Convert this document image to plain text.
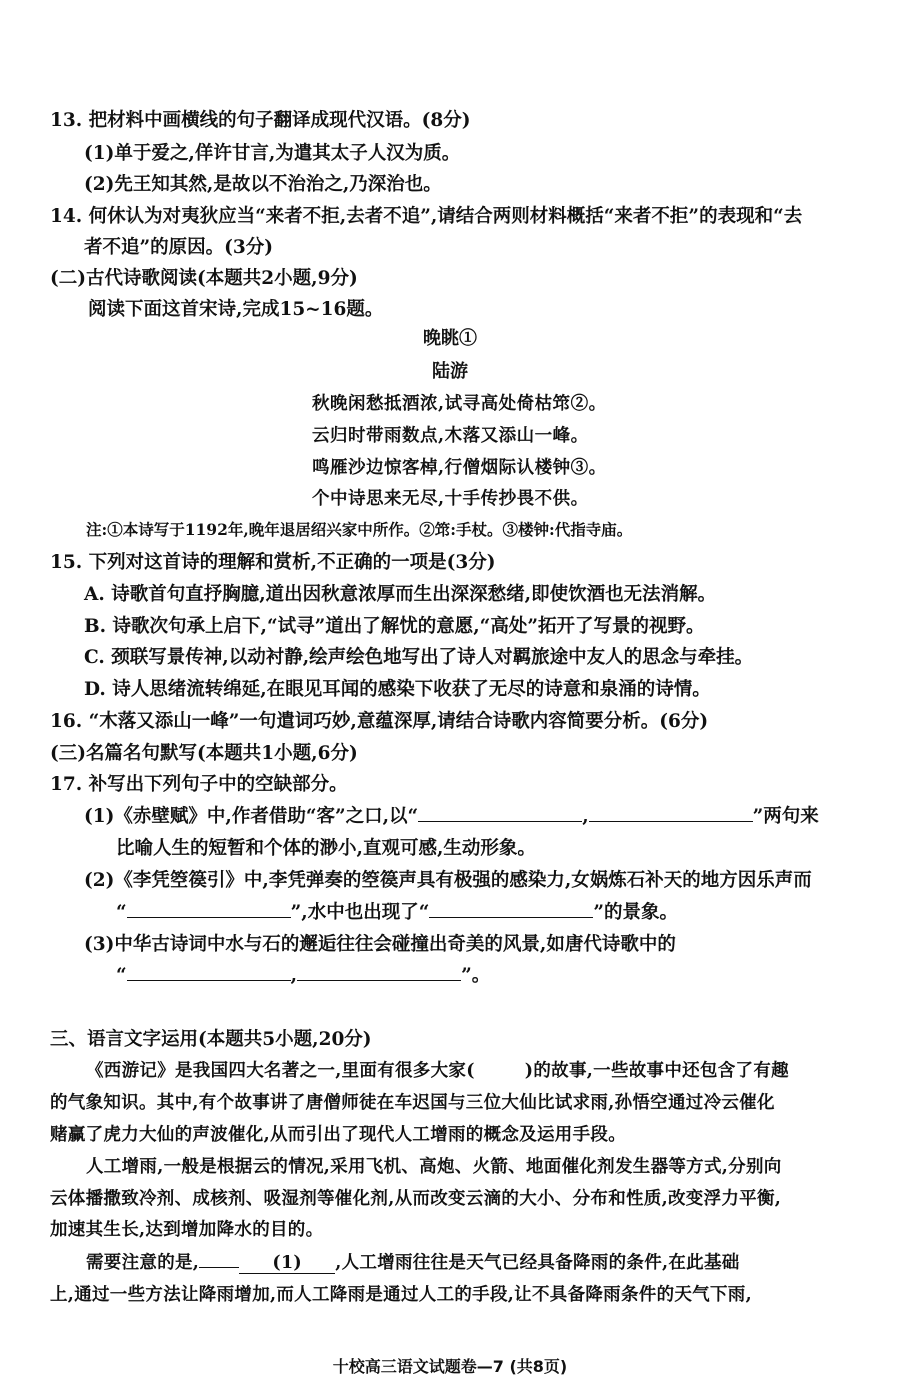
13. 把材料中画横线的句子翻译成现代汉语。(8分)
(1)单于爱之,佯许甘言,为遣其太子人汉为质。
(2)先王知其然,是故以不治治之,乃深治也。
14. 何休认为对夷狄应当“来者不拒,去者不追”,请结合两则材料概括“来者不拒”的表现和“去
者不追”的原因。(3分)
(二)古代诗歌阅读(本题共2小题,9分)
阅读下面这首宋诗,完成15~16题。
晚眺①
陆游
秋晚闲愁抵酒浓,试寻高处倚枯筇②。
云归时带雨数点,木落又添山一峰。
鸣雁沙边惊客棹,行僧烟际认楼钟③。
个中诗思来无尽,十手传抄畏不供。
注:①本诗写于1192年,晚年退居绍兴家中所作。②筇:手杖。③楼钟:代指寺庙。
15. 下列对这首诗的理解和赏析,不正确的一项是(3分)
A. 诗歌首句直抒胸臆,道出因秋意浓厚而生出深深愁绪,即使饮酒也无法消解。
B. 诗歌次句承上启下,“试寻”道出了解忧的意愿,“高处”拓开了写景的视野。
C. 颈联写景传神,以动衬静,绘声绘色地写出了诗人对羁旅途中友人的思念与牵挂。
D. 诗人思绪流转绵延,在眼见耳闻的感染下收获了无尽的诗意和泉涌的诗情。
16. “木落又添山一峰”一句遣词巧妙,意蕴深厚,请结合诗歌内容简要分析。(6分)
(三)名篇名句默写(本题共1小题,6分)
17. 补写出下列句子中的空缺部分。
(1)《赤壁赋》中,作者借助“客”之口,以“	,	”两句来
比喻人生的短暂和个体的渺小,直观可感,生动形象。
(2)《李凭箜篌引》中,李凭弹奏的箜篌声具有极强的感染力,女娲炼石补天的地方因乐声而
“	”,水中也出现了“	”的景象。
(3)中华古诗词中水与石的邂逅往往会碰撞出奇美的风景,如唐代诗歌中的
“	,	”。
三、语言文字运用(本题共5小题,20分)
《西游记》是我国四大名著之一,里面有很多大家(	)的故事,一些故事中还包含了有趣
的气象知识。其中,有个故事讲了唐僧师徒在车迟国与三位大仙比试求雨,孙悟空通过冷云催化
赌赢了虎力大仙的声波催化,从而引出了现代人工增雨的概念及运用手段。
人工增雨,一般是根据云的情况,采用飞机、高炮、火箭、地面催化剂发生器等方式,分别向
云体播撒致冷剂、成核剂、吸湿剂等催化剂,从而改变云滴的大小、分布和性质,改变浮力平衡,
加速其生长,达到增加降水的目的。
需要注意的是,	(1) ,人工增雨往往是天气已经具备降雨的条件,在此基础
上,通过一些方法让降雨增加,而人工降雨是通过人工的手段,让不具备降雨条件的天气下雨,
十校高三语文试题卷—7 (共8页)
